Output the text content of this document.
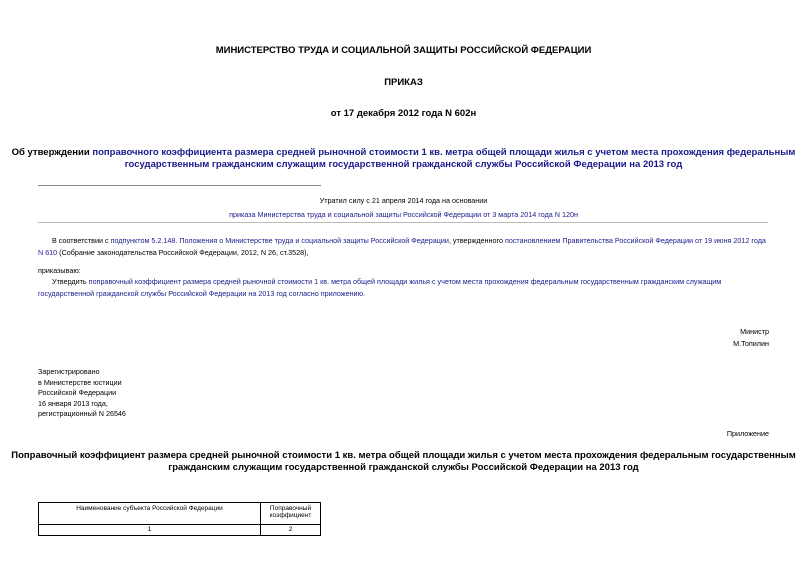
МИНИСТЕРСТВО ТРУДА И СОЦИАЛЬНОЙ ЗАЩИТЫ РОССИЙСКОЙ ФЕДЕРАЦИИ
ПРИКАЗ
от 17 декабря 2012 года N 602н
Об утверждении поправочного коэффициента размера средней рыночной стоимости 1 кв. метра общей площади жилья с учетом места прохождения федеральным
государственным гражданским служащим государственной гражданской службы Российской Федерации на 2013 год
Утратил силу с 21 апреля 2014 года на основании
приказа Министерства труда и социальной защиты Российской Федерации от 3 марта 2014 года N 120н
В соответствии с подпунктом 5.2.148. Положения о Министерстве труда и социальной защиты Российской Федерации, утвержденного постановлением Правительства Российской Федерации от 19 июня 2012 года
N 610 (Собрание законодательства Российской Федерации, 2012, N 26, ст.3528),
приказываю:
Утвердить поправочный коэффициент размера средней рыночной стоимости 1 кв. метра общей площади жилья с учетом места прохождения федеральным государственным гражданским служащим
государственной гражданской службы Российской Федерации на 2013 год согласно приложению.
Министр
М.Топилин
Зарегистрировано
в Министерстве юстиции
Российской Федерации
16 января 2013 года,
регистрационный N 26546
Приложение
Поправочный коэффициент размера средней рыночной стоимости 1 кв. метра общей площади жилья с учетом места прохождения федеральным государственным
гражданским служащим государственной гражданской службы Российской Федерации на 2013 год
Наименование субъекта Российской Федерации	Поправочный коэффициент
1	2
